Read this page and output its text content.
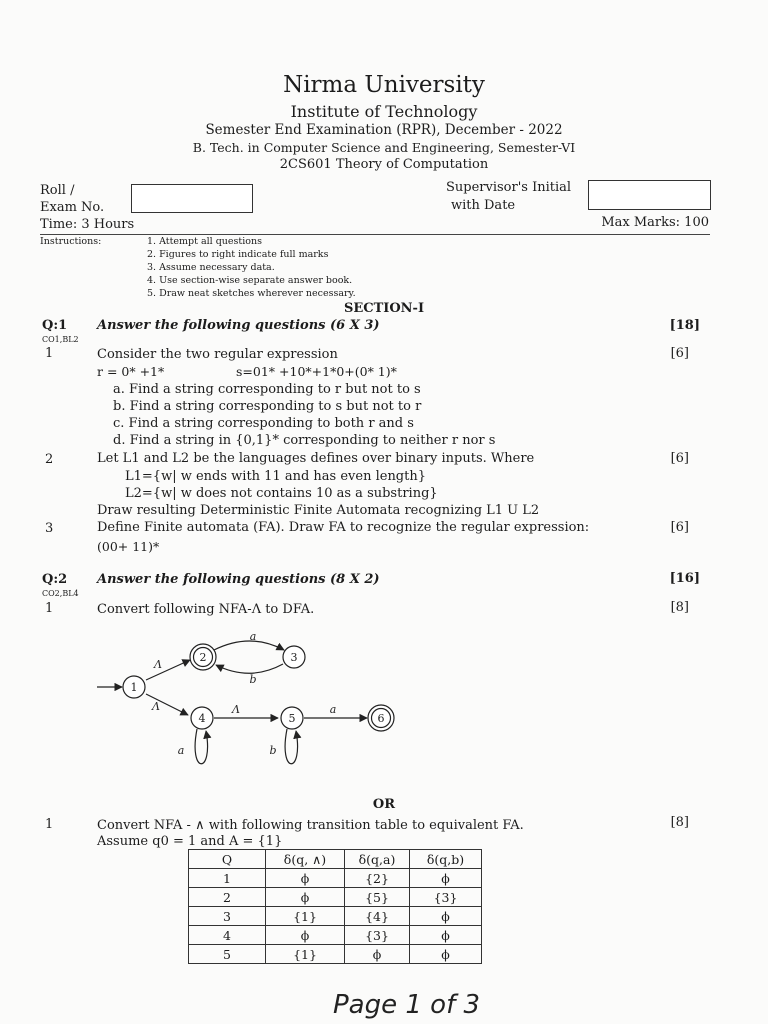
Nirma University
Institute of Technology
Semester End Examination (RPR), December - 2022
B. Tech. in Computer Science and Engineering, Semester-VI
2CS601 Theory of Computation
Roll /
Exam No.
Supervisor's Initial
with Date
Time: 3 Hours	Max Marks: 100
Instructions:	1. Attempt all questions
2. Figures to right indicate full marks
3. Assume necessary data.
4. Use section-wise separate answer book.
5. Draw neat sketches wherever necessary.
SECTION-I
Q:1
CO1,BL2
Answer the following questions (6 X 3)	[18]
1	Consider the two regular expression	[6]
r = 0* +1*	s=01* +10*+1*0+(0* 1)*
a. Find a string corresponding to r but not to s
b. Find a string corresponding to s but not to r
c. Find a string corresponding to both r and s
d. Find a string in {0,1}* corresponding to neither r nor s
2	Let L1 and L2 be the languages defines over binary inputs. Where	[6]
L1={w| w ends with 11 and has even length}
L2={w| w does not contains 10 as a substring}
Draw resulting Deterministic Finite Automata recognizing L1 U L2
3	Define Finite automata (FA). Draw FA to recognize the regular expression:	[6]
(00+ 11)*
Q:2
CO2,BL4
Answer the following questions (8 X 2)	[16]
1	Convert following NFA-Λ to DFA.	[8]
1
2	3
4	5	6
Λ
Λ
a
b
Λ	a
a	b
OR
1	Convert NFA - ∧ with following transition table to equivalent FA.	[8]
Assume q0 = 1 and A = {1}
Q	δ(q, ∧)	δ(q,a)	δ(q,b)
1	ϕ	{2}	ϕ
2	ϕ	{5}	{3}
3	{1}	{4}	ϕ
4	ϕ	{3}	ϕ
5	{1}	ϕ	ϕ
Page 1 of 3
